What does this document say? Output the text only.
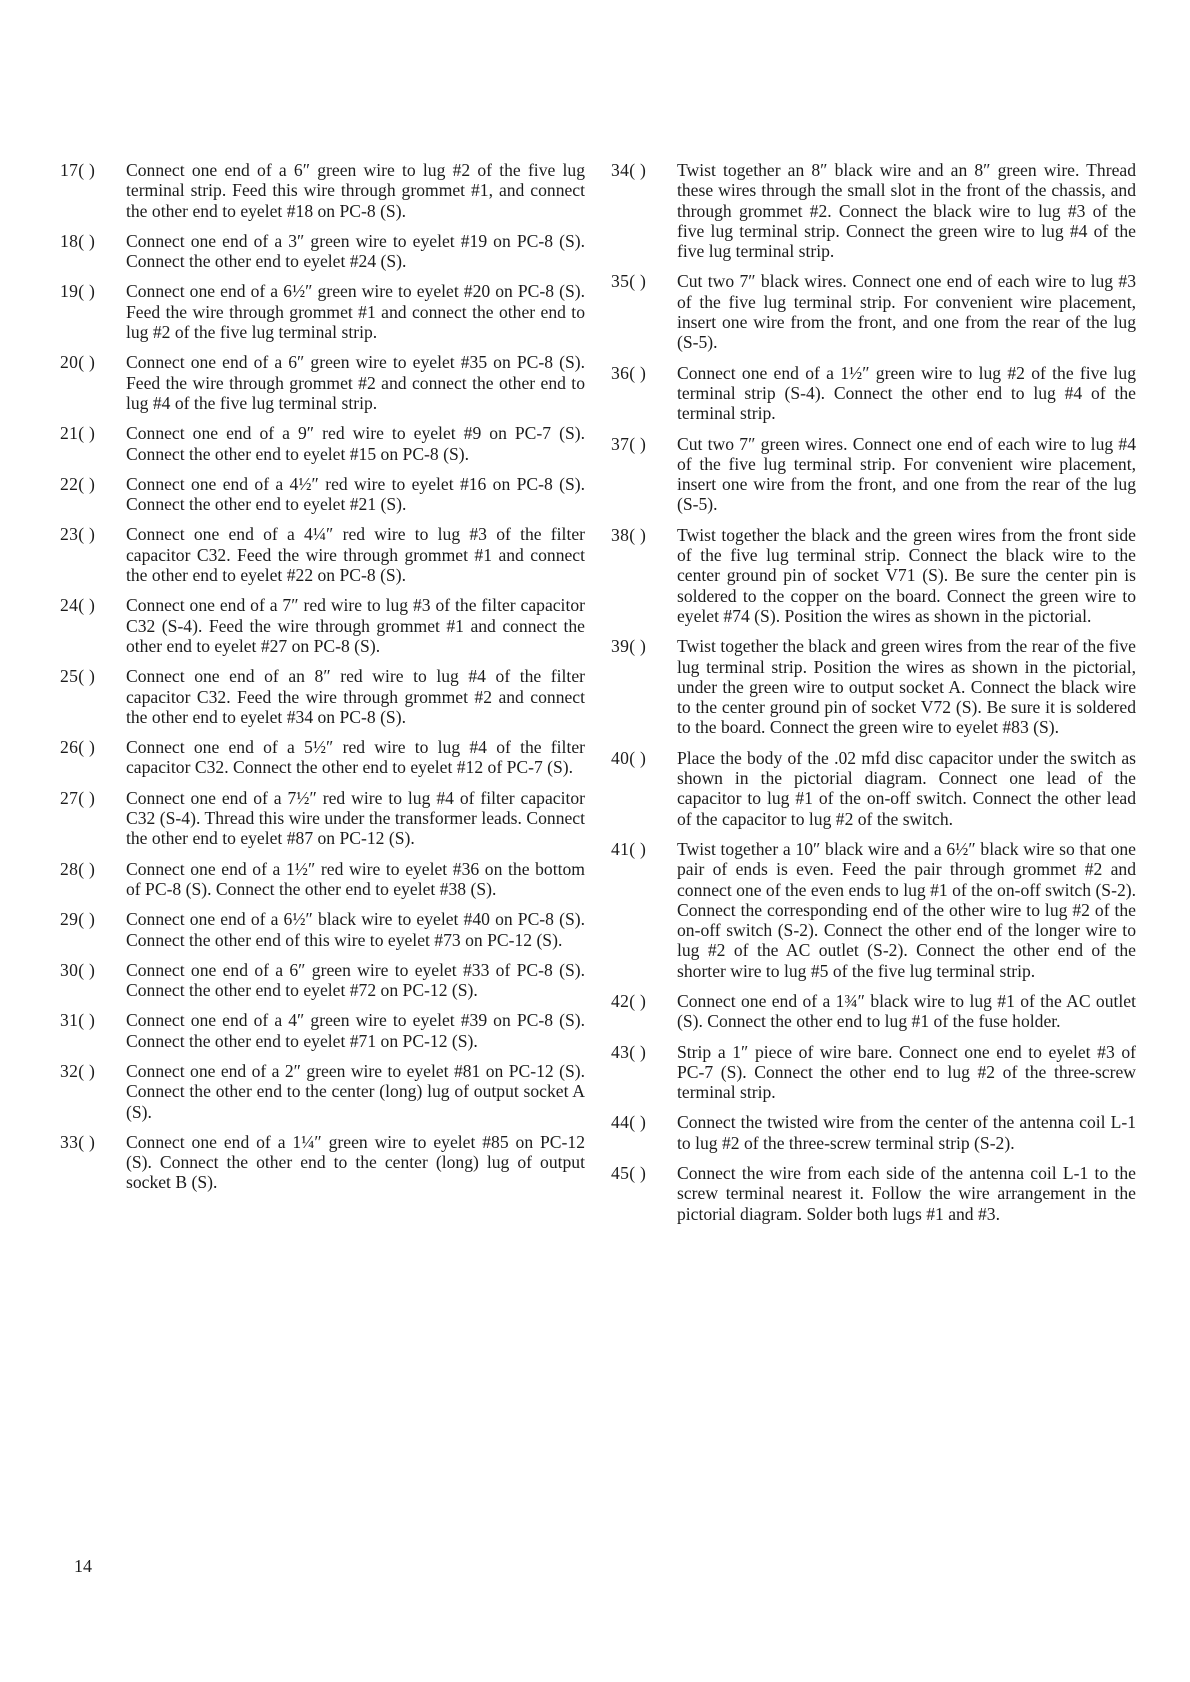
17( )	Connect one end of a 6″ green wire to lug #2 of the five lug terminal strip. Feed this wire through grommet #1, and connect the other end to eyelet #18 on PC-8 (S).
18( )	Connect one end of a 3″ green wire to eyelet #19 on PC-8 (S). Connect the other end to eyelet #24 (S).
19( )	Connect one end of a 6½″ green wire to eyelet #20 on PC-8 (S). Feed the wire through grommet #1 and connect the other end to lug #2 of the five lug terminal strip.
20( )	Connect one end of a 6″ green wire to eyelet #35 on PC-8 (S). Feed the wire through grommet #2 and connect the other end to lug #4 of the five lug terminal strip.
21( )	Connect one end of a 9″ red wire to eyelet #9 on PC-7 (S). Connect the other end to eyelet #15 on PC-8 (S).
22( )	Connect one end of a 4½″ red wire to eyelet #16 on PC-8 (S). Connect the other end to eyelet #21 (S).
23( )	Connect one end of a 4¼″ red wire to lug #3 of the filter capacitor C32. Feed the wire through grommet #1 and connect the other end to eyelet #22 on PC-8 (S).
24( )	Connect one end of a 7″ red wire to lug #3 of the filter capacitor C32 (S-4). Feed the wire through grommet #1 and connect the other end to eyelet #27 on PC-8 (S).
25( )	Connect one end of an 8″ red wire to lug #4 of the filter capacitor C32. Feed the wire through grommet #2 and connect the other end to eyelet #34 on PC-8 (S).
26( )	Connect one end of a 5½″ red wire to lug #4 of the filter capacitor C32. Connect the other end to eyelet #12 of PC-7 (S).
27( )	Connect one end of a 7½″ red wire to lug #4 of filter capacitor C32 (S-4). Thread this wire under the transformer leads. Connect the other end to eyelet #87 on PC-12 (S).
28( )	Connect one end of a 1½″ red wire to eyelet #36 on the bottom of PC-8 (S). Connect the other end to eyelet #38 (S).
29( )	Connect one end of a 6½″ black wire to eyelet #40 on PC-8 (S). Connect the other end of this wire to eyelet #73 on PC-12 (S).
30( )	Connect one end of a 6″ green wire to eyelet #33 of PC-8 (S). Connect the other end to eyelet #72 on PC-12 (S).
31( )	Connect one end of a 4″ green wire to eyelet #39 on PC-8 (S). Connect the other end to eyelet #71 on PC-12 (S).
32( )	Connect one end of a 2″ green wire to eyelet #81 on PC-12 (S). Connect the other end to the center (long) lug of output socket A (S).
33( )	Connect one end of a 1¼″ green wire to eyelet #85 on PC-12 (S). Connect the other end to the center (long) lug of output socket B (S).
34( )	Twist together an 8″ black wire and an 8″ green wire. Thread these wires through the small slot in the front of the chassis, and through grommet #2. Connect the black wire to lug #3 of the five lug terminal strip. Connect the green wire to lug #4 of the five lug terminal strip.
35( )	Cut two 7″ black wires. Connect one end of each wire to lug #3 of the five lug terminal strip. For convenient wire placement, insert one wire from the front, and one from the rear of the lug (S-5).
36( )	Connect one end of a 1½″ green wire to lug #2 of the five lug terminal strip (S-4). Connect the other end to lug #4 of the terminal strip.
37( )	Cut two 7″ green wires. Connect one end of each wire to lug #4 of the five lug terminal strip. For convenient wire placement, insert one wire from the front, and one from the rear of the lug (S-5).
38( )	Twist together the black and the green wires from the front side of the five lug terminal strip. Connect the black wire to the center ground pin of socket V71 (S). Be sure the center pin is soldered to the copper on the board. Connect the green wire to eyelet #74 (S). Position the wires as shown in the pictorial.
39( )	Twist together the black and green wires from the rear of the five lug terminal strip. Position the wires as shown in the pictorial, under the green wire to output socket A. Connect the black wire to the center ground pin of socket V72 (S). Be sure it is soldered to the board. Connect the green wire to eyelet #83 (S).
40( )	Place the body of the .02 mfd disc capacitor under the switch as shown in the pictorial diagram. Connect one lead of the capacitor to lug #1 of the on-off switch. Connect the other lead of the capacitor to lug #2 of the switch.
41( )	Twist together a 10″ black wire and a 6½″ black wire so that one pair of ends is even. Feed the pair through grommet #2 and connect one of the even ends to lug #1 of the on-off switch (S-2). Connect the corresponding end of the other wire to lug #2 of the on-off switch (S-2). Connect the other end of the longer wire to lug #2 of the AC outlet (S-2). Connect the other end of the shorter wire to lug #5 of the five lug terminal strip.
42( )	Connect one end of a 1¾″ black wire to lug #1 of the AC outlet (S). Connect the other end to lug #1 of the fuse holder.
43( )	Strip a 1″ piece of wire bare. Connect one end to eyelet #3 of PC-7 (S). Connect the other end to lug #2 of the three-screw terminal strip.
44( )	Connect the twisted wire from the center of the antenna coil L-1 to lug #2 of the three-screw terminal strip (S-2).
45( )	Connect the wire from each side of the antenna coil L-1 to the screw terminal nearest it. Follow the wire arrangement in the pictorial diagram. Solder both lugs #1 and #3.
14
